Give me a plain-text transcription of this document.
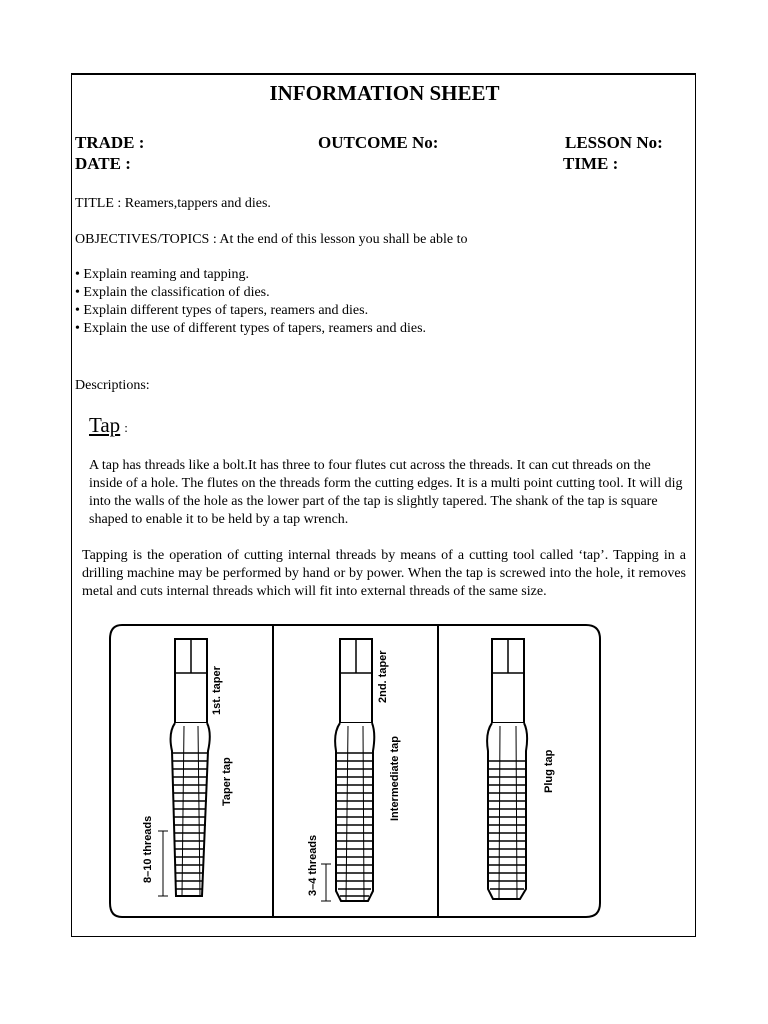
INFORMATION SHEET
TRADE :	OUTCOME No:	LESSON No:
DATE :	TIME :
TITLE : Reamers,tappers and dies.
OBJECTIVES/TOPICS : At the end of this lesson you shall be able to
• Explain reaming and tapping.
• Explain the classification of dies.
• Explain different types of tapers, reamers and dies.
• Explain the use of different types of tapers, reamers and dies.
Descriptions:
Tap :
A tap has threads like a bolt.It has three to four flutes cut across the threads. It can cut threads on the inside of a hole. The flutes on the threads form the cutting edges. It is a multi point cutting tool. It will dig into the walls of the hole as the lower part of the tap is slightly tapered. The shank of the tap is square shaped to enable it to be held by a tap wrench.
Tapping is the operation of cutting internal threads by means of a cutting tool called ‘tap’. Tapping in a drilling machine may be performed by hand or by power. When the tap is screwed into the hole, it removes metal and cuts internal threads which will fit into external threads of the same size.
8–10 threads
Taper tap
1st. taper
3–4 threads
Intermediate tap
2nd. taper
Plug tap
